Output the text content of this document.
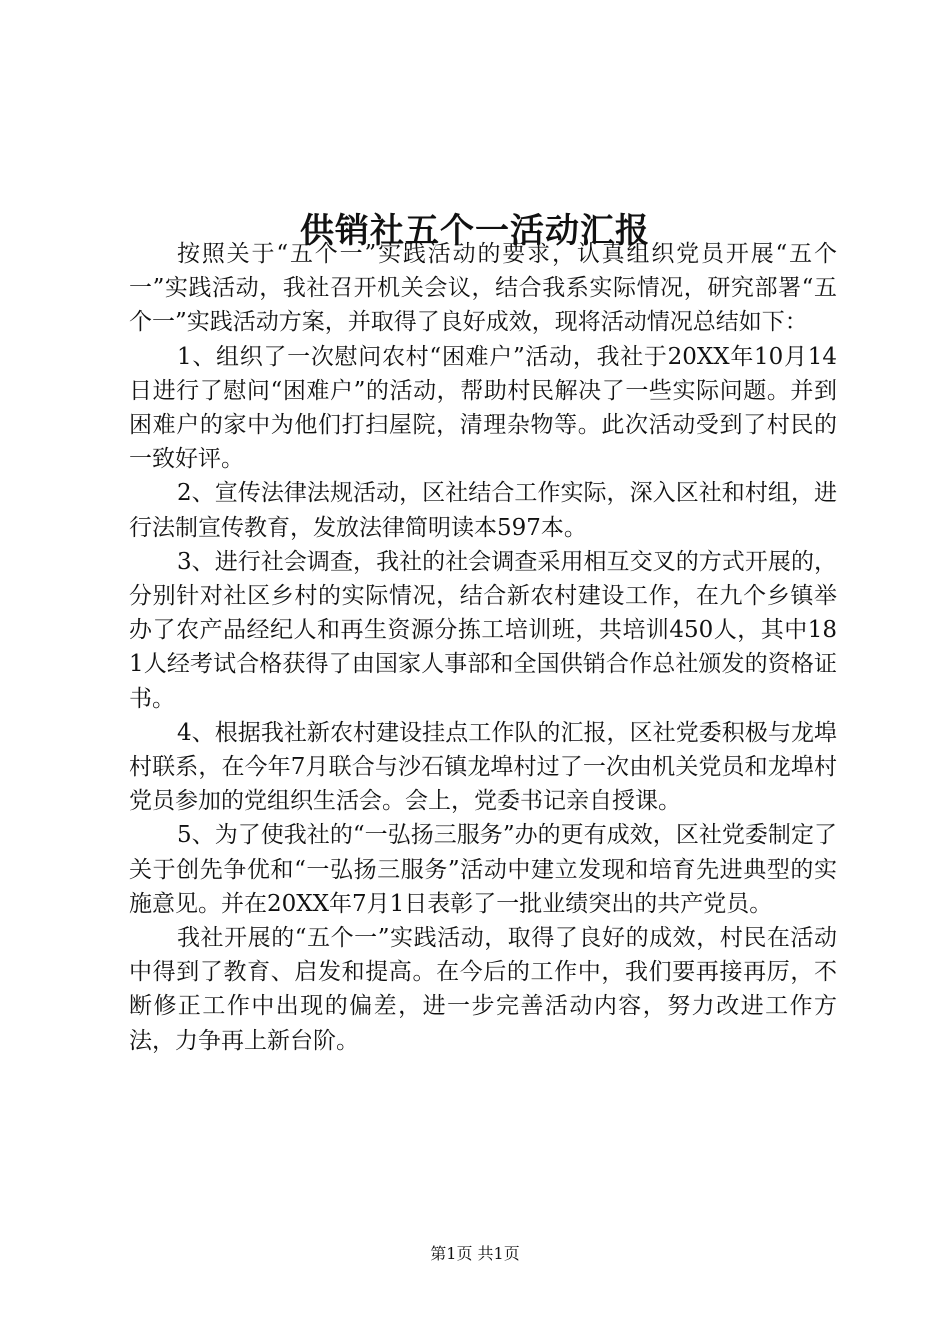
供销社五个一活动汇报

按照关于“五个一”实践活动的要求，认真组织党员开展“五个一”实践活动，我社召开机关会议，结合我系实际情况，研究部署“五个一”实践活动方案，并取得了良好成效，现将活动情况总结如下：

1、组织了一次慰问农村“困难户”活动，我社于20XX年10月14日进行了慰问“困难户”的活动，帮助村民解决了一些实际问题。并到困难户的家中为他们打扫屋院，清理杂物等。此次活动受到了村民的一致好评。

2、宣传法律法规活动，区社结合工作实际，深入区社和村组，进行法制宣传教育，发放法律简明读本597本。

3、进行社会调查，我社的社会调查采用相互交叉的方式开展的，分别针对社区乡村的实际情况，结合新农村建设工作，在九个乡镇举办了农产品经纪人和再生资源分拣工培训班，共培训450人，其中181人经考试合格获得了由国家人事部和全国供销合作总社颁发的资格证书。

4、根据我社新农村建设挂点工作队的汇报，区社党委积极与龙埠村联系，在今年7月联合与沙石镇龙埠村过了一次由机关党员和龙埠村党员参加的党组织生活会。会上，党委书记亲自授课。

5、为了使我社的“一弘扬三服务”办的更有成效，区社党委制定了关于创先争优和“一弘扬三服务”活动中建立发现和培育先进典型的实施意见。并在20XX年7月1日表彰了一批业绩突出的共产党员。

我社开展的“五个一”实践活动，取得了良好的成效，村民在活动中得到了教育、启发和提高。在今后的工作中，我们要再接再厉，不断修正工作中出现的偏差，进一步完善活动内容，努力改进工作方法，力争再上新台阶。

第1页 共1页
